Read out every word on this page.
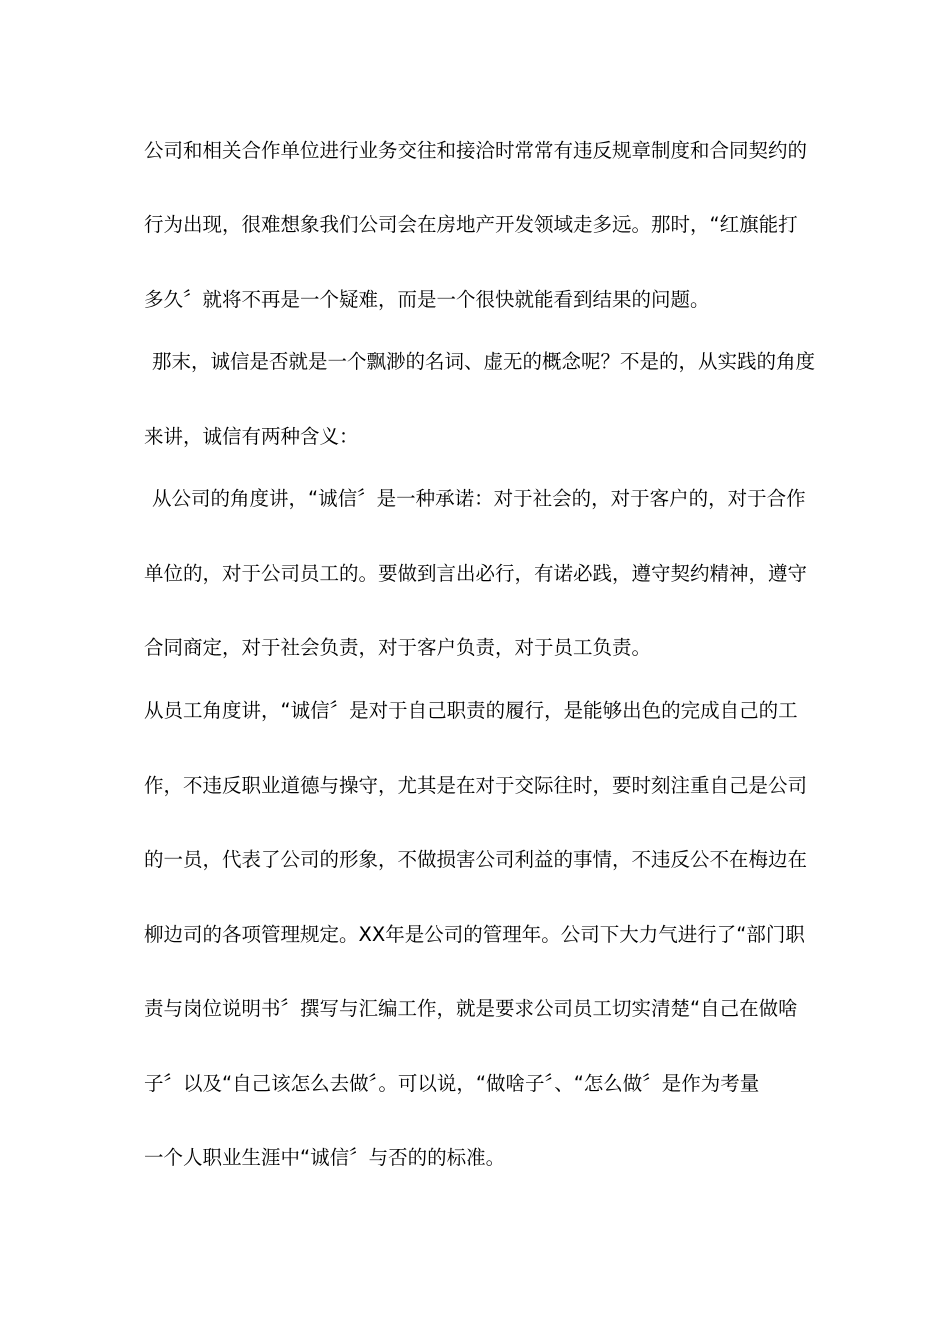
公司和相关合作单位进行业务交往和接洽时常常有违反规章制度和合同契约的
行为出现，很难想象我们公司会在房地产开发领域走多远。那时，“红旗能打
多久〞就将不再是一个疑难，而是一个很快就能看到结果的问题。
那末，诚信是否就是一个飘渺的名词、虚无的概念呢？不是的，从实践的角度
来讲，诚信有两种含义：
从公司的角度讲，“诚信〞是一种承诺：对于社会的，对于客户的，对于合作
单位的，对于公司员工的。要做到言出必行，有诺必践，遵守契约精神，遵守
合同商定，对于社会负责，对于客户负责，对于员工负责。
从员工角度讲，“诚信〞是对于自己职责的履行，是能够出色的完成自己的工
作，不违反职业道德与操守，尤其是在对于交际往时，要时刻注重自己是公司
的一员，代表了公司的形象，不做损害公司利益的事情，不违反公不在梅边在
柳边司的各项管理规定。XX年是公司的管理年。公司下大力气进行了“部门职
责与岗位说明书〞撰写与汇编工作，就是要求公司员工切实清楚“自己在做啥
子〞以及“自己该怎么去做〞。可以说，“做啥子〞、“怎么做〞是作为考量
一个人职业生涯中“诚信〞与否的的标准。
